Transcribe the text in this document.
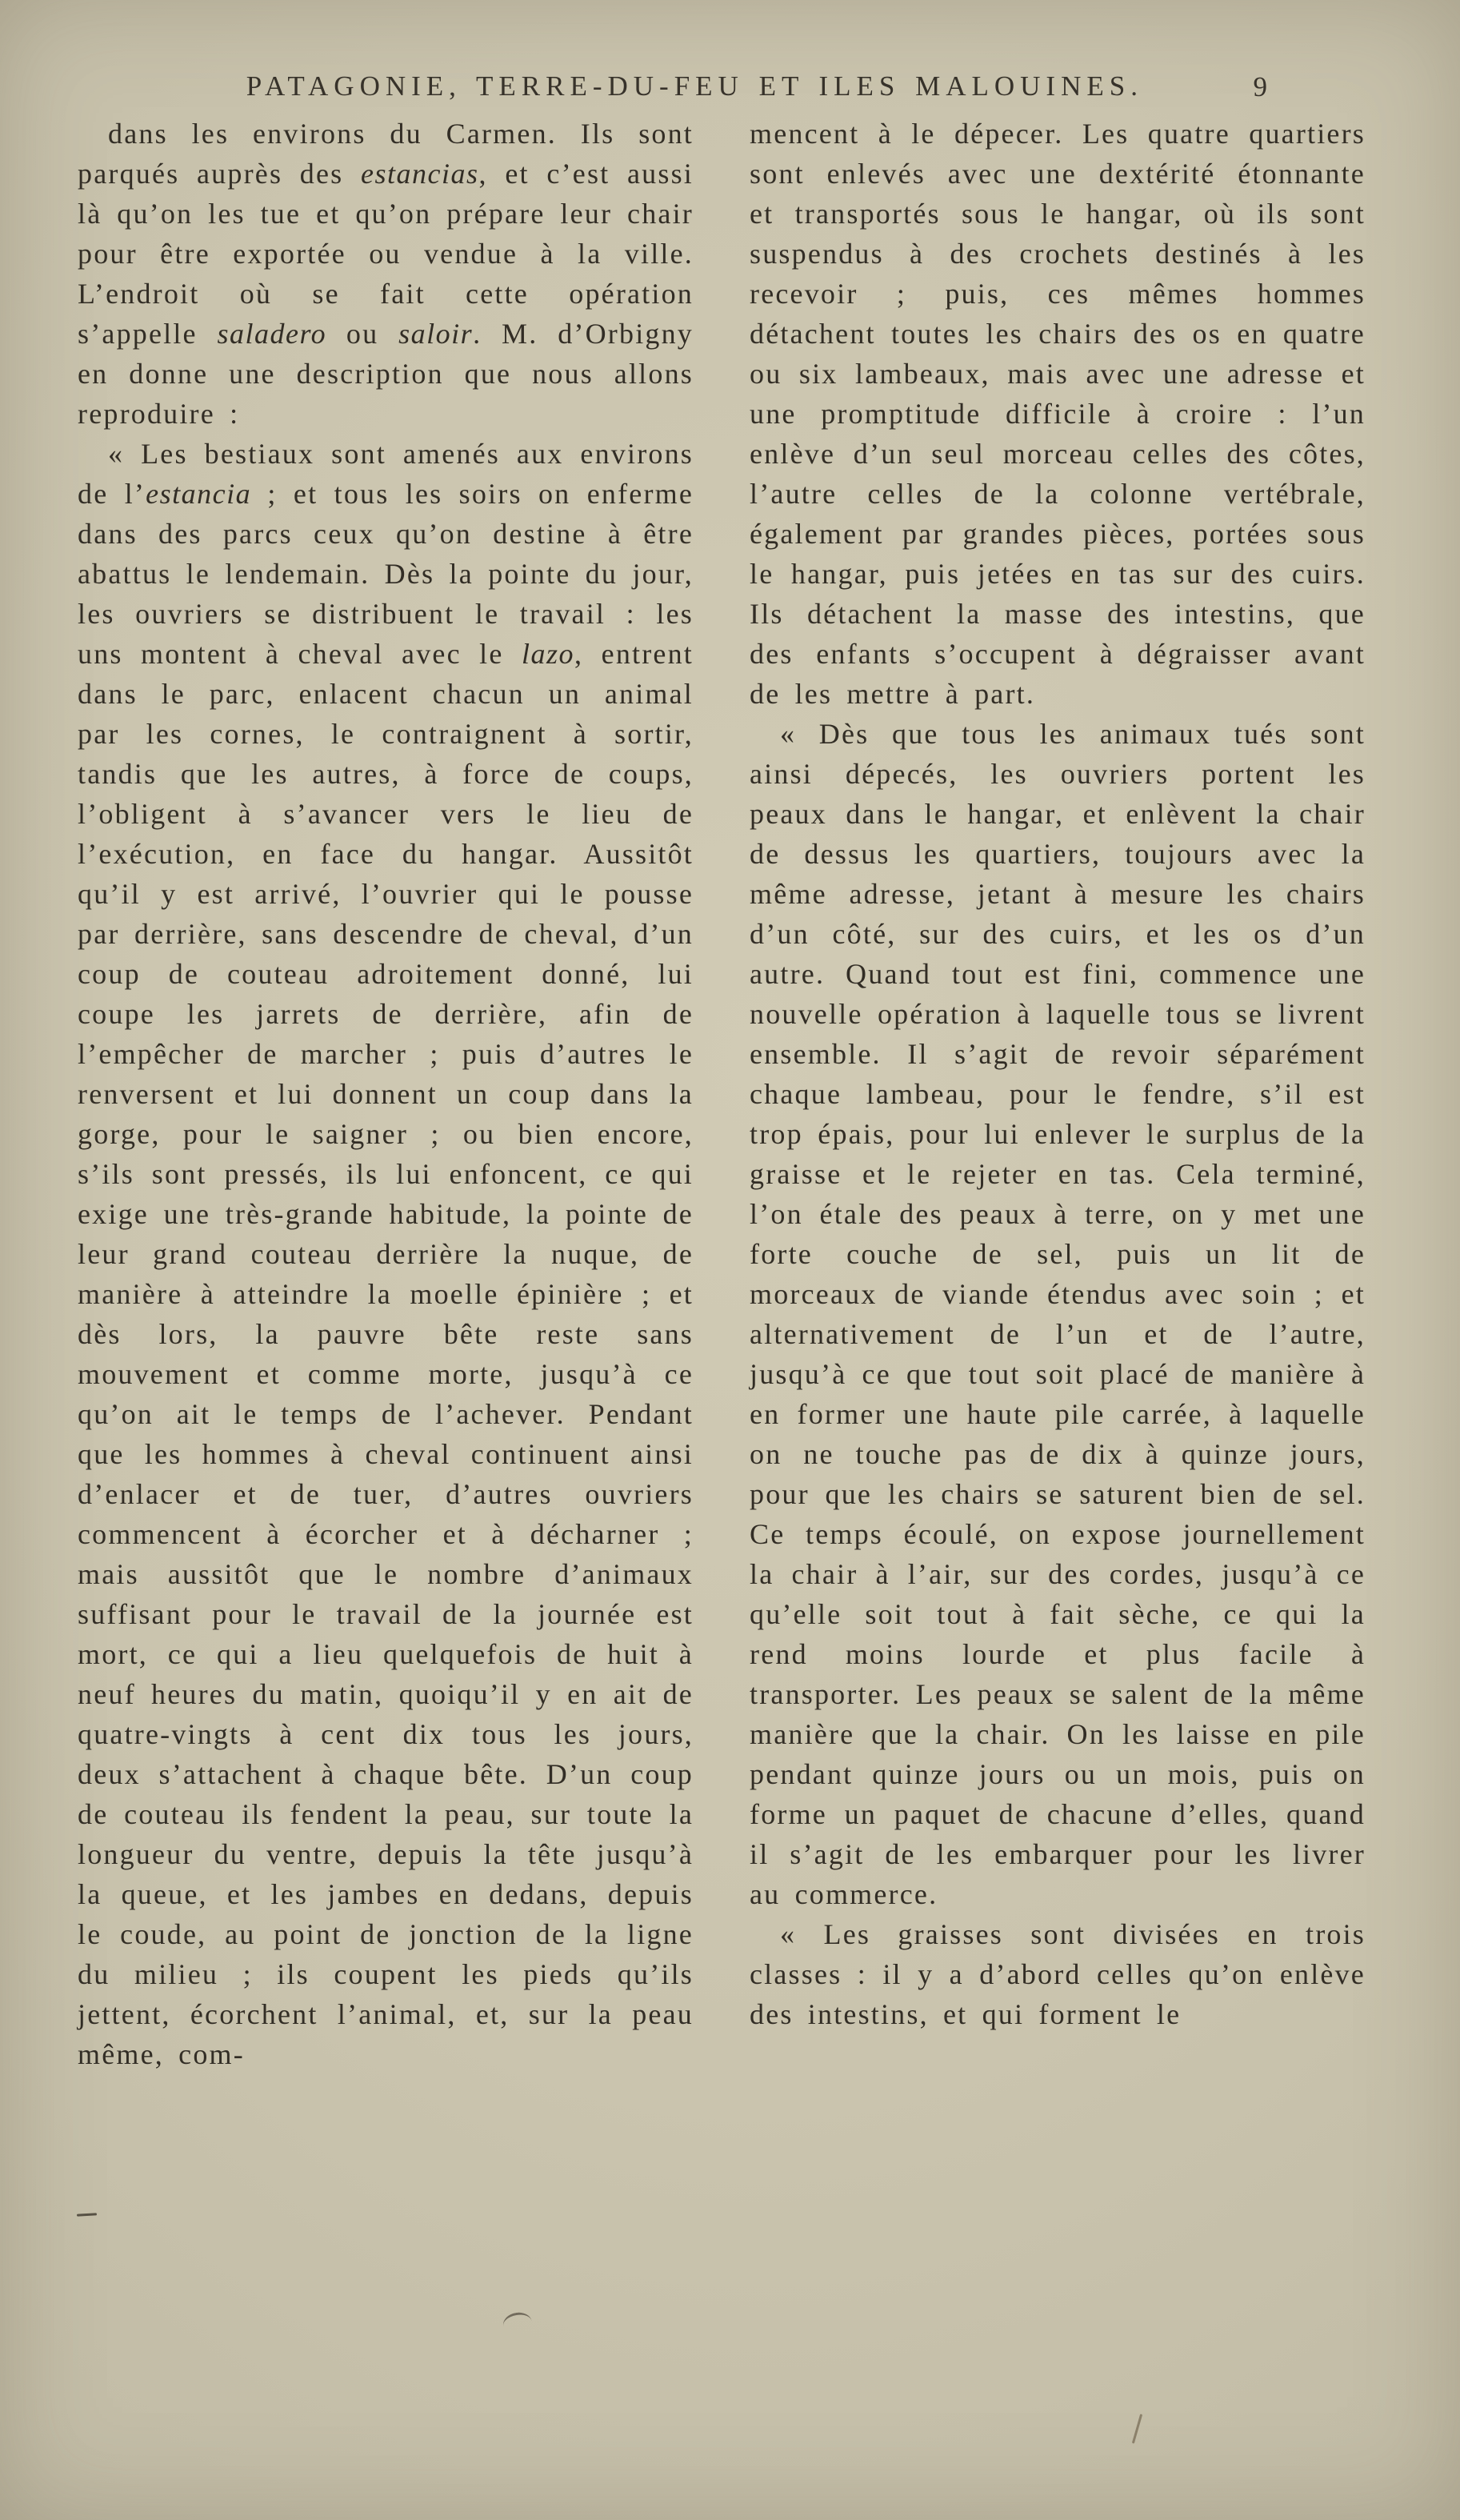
PATAGONIE, TERRE-DU-FEU ET ILES MALOUINES.	9

dans les environs du Carmen. Ils sont parqués auprès des estancias, et c’est aussi là qu’on les tue et qu’on prépare leur chair pour être exportée ou vendue à la ville. L’endroit où se fait cette opération s’appelle saladero ou saloir. M. d’Orbigny en donne une description que nous allons reproduire :

« Les bestiaux sont amenés aux environs de l’estancia ; et tous les soirs on enferme dans des parcs ceux qu’on destine à être abattus le lendemain. Dès la pointe du jour, les ouvriers se distribuent le travail : les uns montent à cheval avec le lazo, entrent dans le parc, enlacent chacun un animal par les cornes, le contraignent à sortir, tandis que les autres, à force de coups, l’obligent à s’avancer vers le lieu de l’exécution, en face du hangar. Aussitôt qu’il y est arrivé, l’ouvrier qui le pousse par derrière, sans descendre de cheval, d’un coup de couteau adroitement donné, lui coupe les jarrets de derrière, afin de l’empêcher de marcher ; puis d’autres le renversent et lui donnent un coup dans la gorge, pour le saigner ; ou bien encore, s’ils sont pressés, ils lui enfoncent, ce qui exige une très-grande habitude, la pointe de leur grand couteau derrière la nuque, de manière à atteindre la moelle épinière ; et dès lors, la pauvre bête reste sans mouvement et comme morte, jusqu’à ce qu’on ait le temps de l’achever. Pendant que les hommes à cheval continuent ainsi d’enlacer et de tuer, d’autres ouvriers commencent à écorcher et à décharner ; mais aussitôt que le nombre d’animaux suffisant pour le travail de la journée est mort, ce qui a lieu quelquefois de huit à neuf heures du matin, quoiqu’il y en ait de quatre-vingts à cent dix tous les jours, deux s’attachent à chaque bête. D’un coup de couteau ils fendent la peau, sur toute la longueur du ventre, depuis la tête jusqu’à la queue, et les jambes en dedans, depuis le coude, au point de jonction de la ligne du milieu ; ils coupent les pieds qu’ils jettent, écorchent l’animal, et, sur la peau même, com-

mencent à le dépecer. Les quatre quartiers sont enlevés avec une dextérité étonnante et transportés sous le hangar, où ils sont suspendus à des crochets destinés à les recevoir ; puis, ces mêmes hommes détachent toutes les chairs des os en quatre ou six lambeaux, mais avec une adresse et une promptitude difficile à croire : l’un enlève d’un seul morceau celles des côtes, l’autre celles de la colonne vertébrale, également par grandes pièces, portées sous le hangar, puis jetées en tas sur des cuirs. Ils détachent la masse des intestins, que des enfants s’occupent à dégraisser avant de les mettre à part.

« Dès que tous les animaux tués sont ainsi dépecés, les ouvriers portent les peaux dans le hangar, et enlèvent la chair de dessus les quartiers, toujours avec la même adresse, jetant à mesure les chairs d’un côté, sur des cuirs, et les os d’un autre. Quand tout est fini, commence une nouvelle opération à laquelle tous se livrent ensemble. Il s’agit de revoir séparément chaque lambeau, pour le fendre, s’il est trop épais, pour lui enlever le surplus de la graisse et le rejeter en tas. Cela terminé, l’on étale des peaux à terre, on y met une forte couche de sel, puis un lit de morceaux de viande étendus avec soin ; et alternativement de l’un et de l’autre, jusqu’à ce que tout soit placé de manière à en former une haute pile carrée, à laquelle on ne touche pas de dix à quinze jours, pour que les chairs se saturent bien de sel. Ce temps écoulé, on expose journellement la chair à l’air, sur des cordes, jusqu’à ce qu’elle soit tout à fait sèche, ce qui la rend moins lourde et plus facile à transporter. Les peaux se salent de la même manière que la chair. On les laisse en pile pendant quinze jours ou un mois, puis on forme un paquet de chacune d’elles, quand il s’agit de les embarquer pour les livrer au commerce.

« Les graisses sont divisées en trois classes : il y a d’abord celles qu’on enlève des intestins, et qui forment le
